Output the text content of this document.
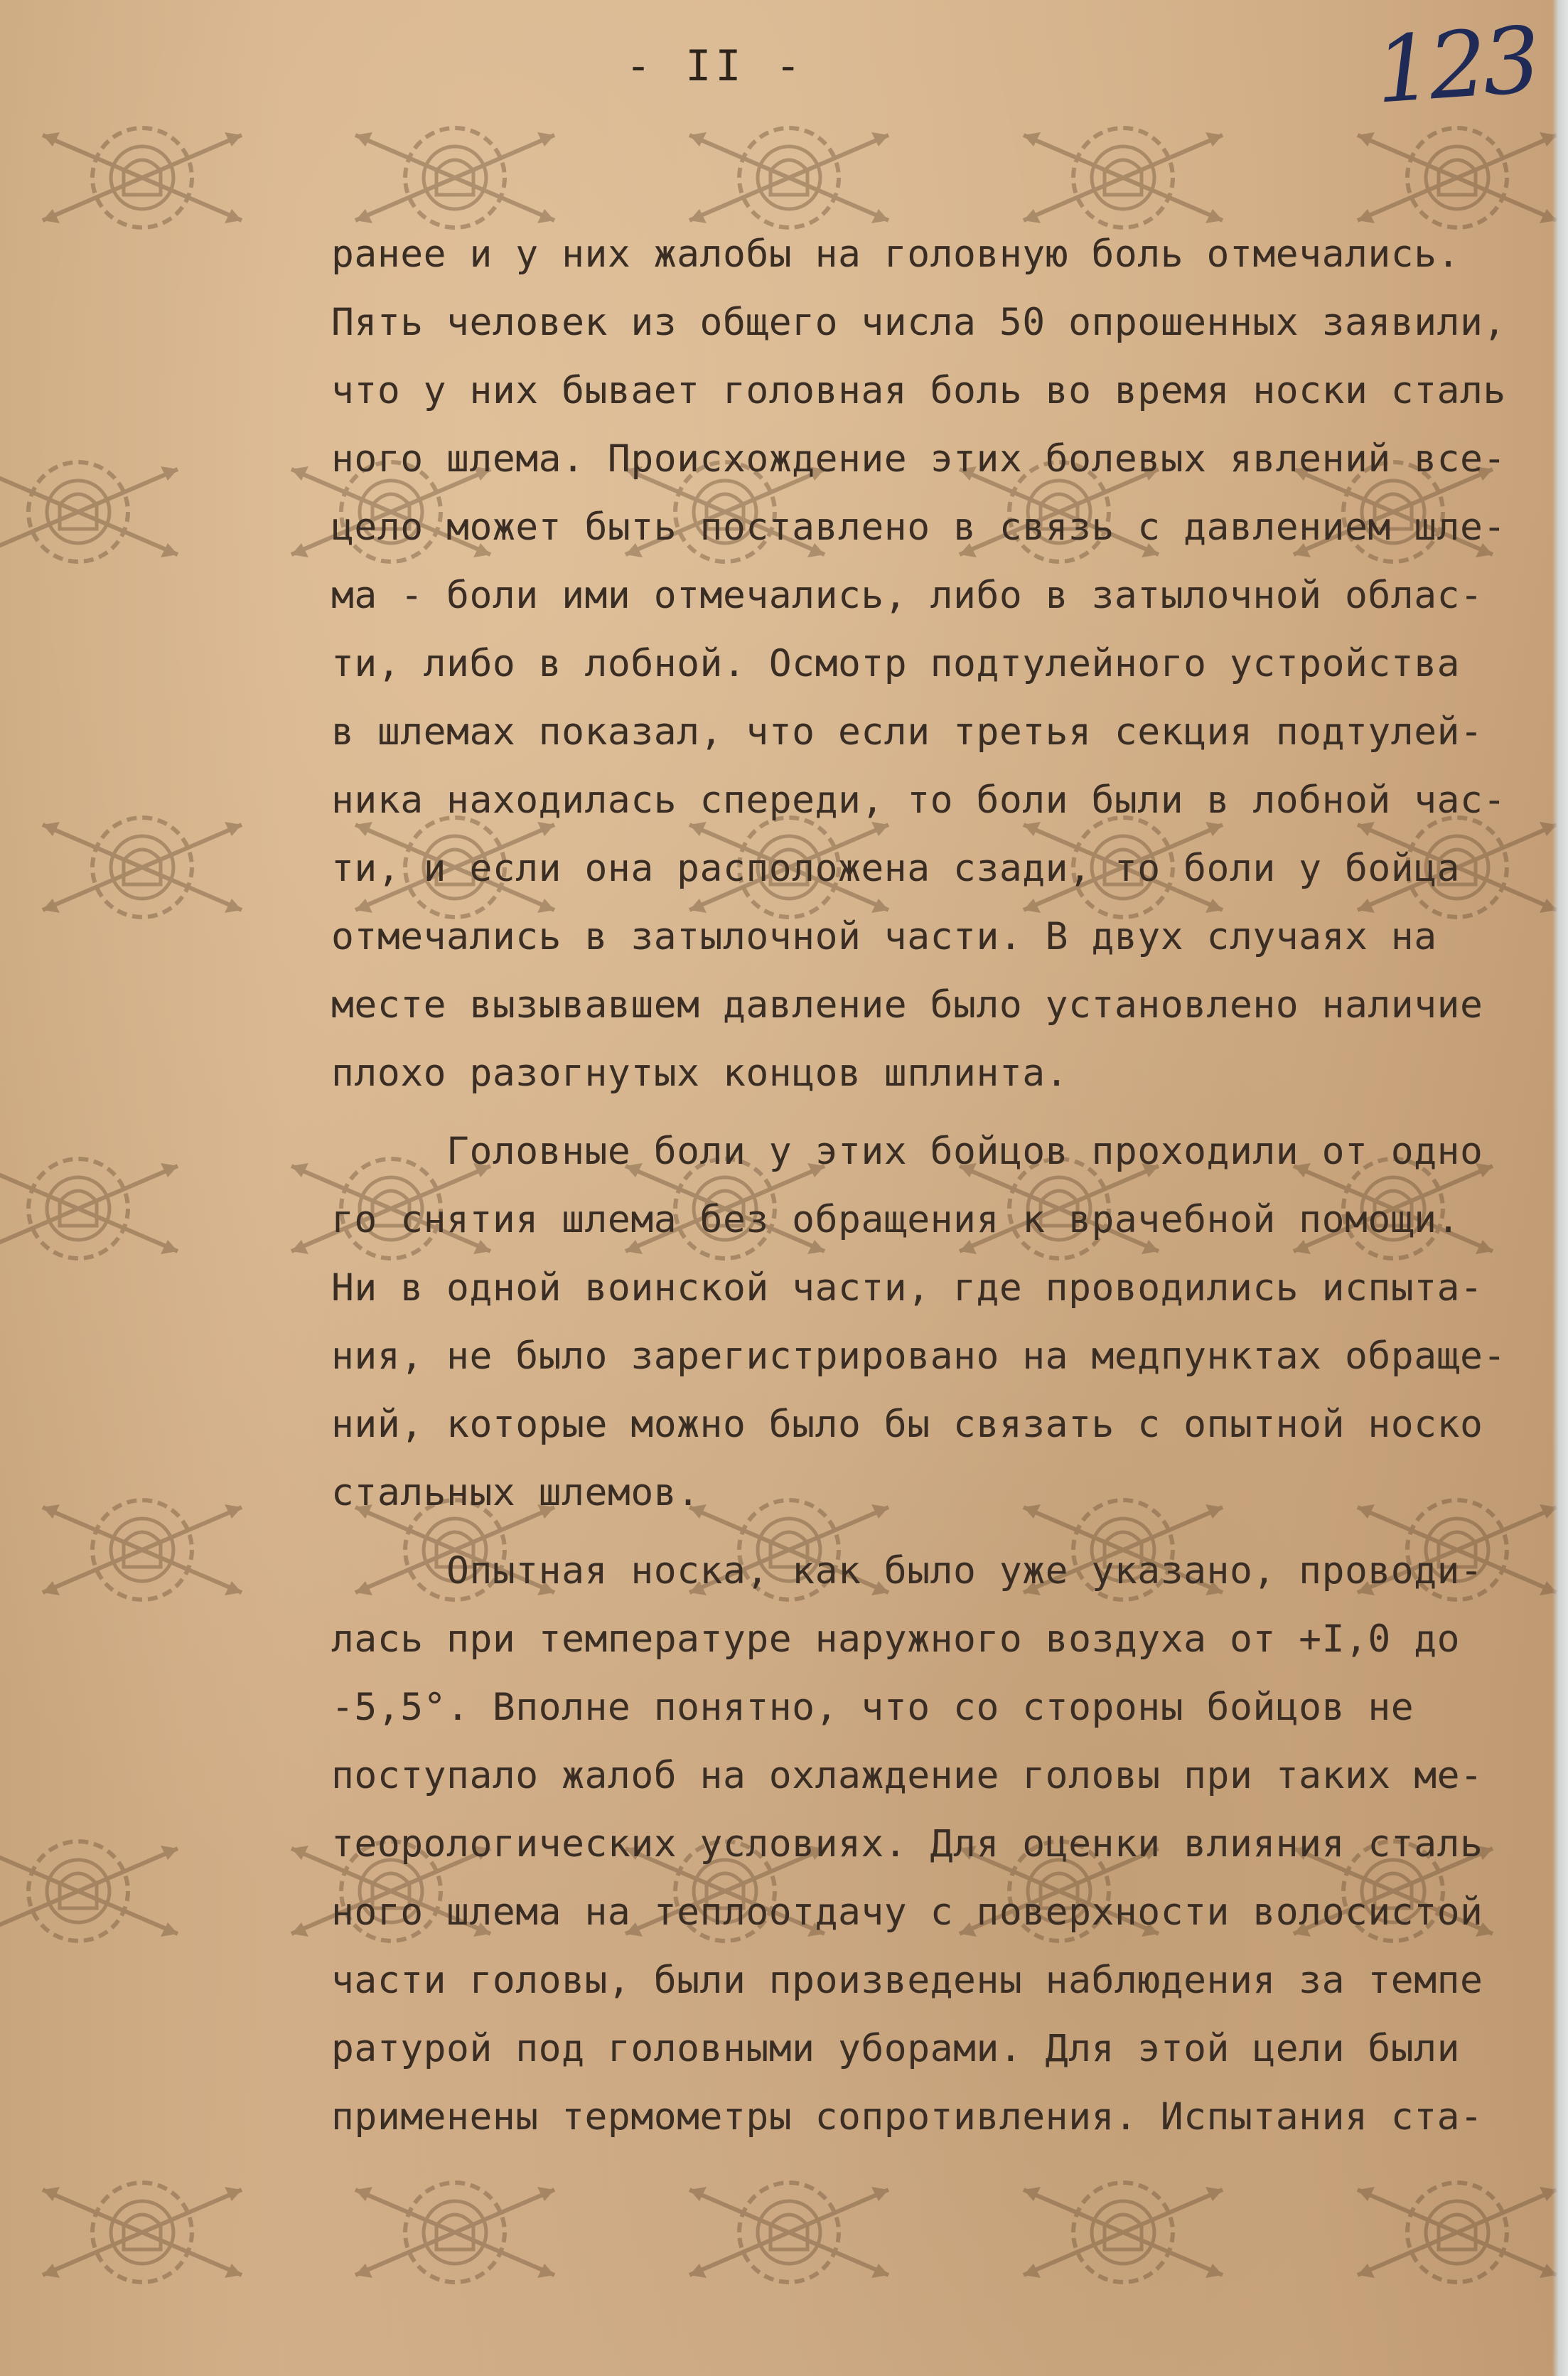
- II -	123
ранее и у них жалобы на головную боль отмечались.
Пять человек из общего числа 50 опрошенных заявили,
что у них бывает головная боль во время носки сталь
ного шлема. Происхождение этих болевых явлений все-
цело может быть поставлено в связь с давлением шле-
ма - боли ими отмечались, либо в затылочной облас-
ти, либо в лобной. Осмотр подтулейного устройства
в шлемах показал, что если третья секция подтулей-
ника находилась спереди, то боли были в лобной час-
ти, и если она расположена сзади, то боли у бойца
отмечались в затылочной части. В двух случаях на
месте вызывавшем давление было установлено наличие
плохо разогнутых концов шплинта.
Головные боли у этих бойцов проходили от одно
го снятия шлема без обращения к врачебной помощи.
Ни в одной воинской части, где проводились испыта-
ния, не было зарегистрировано на медпунктах обраще-
ний, которые можно было бы связать с опытной носко
стальных шлемов.
Опытная носка, как было уже указано, проводи-
лась при температуре наружного воздуха от +I,0 до
-5,5°. Вполне понятно, что со стороны бойцов не
поступало жалоб на охлаждение головы при таких ме-
теорологических условиях. Для оценки влияния сталь
ного шлема на теплоотдачу с поверхности волосистой
части головы, были произведены наблюдения за темпе
ратурой под головными уборами. Для этой цели были
применены термометры сопротивления. Испытания ста-
